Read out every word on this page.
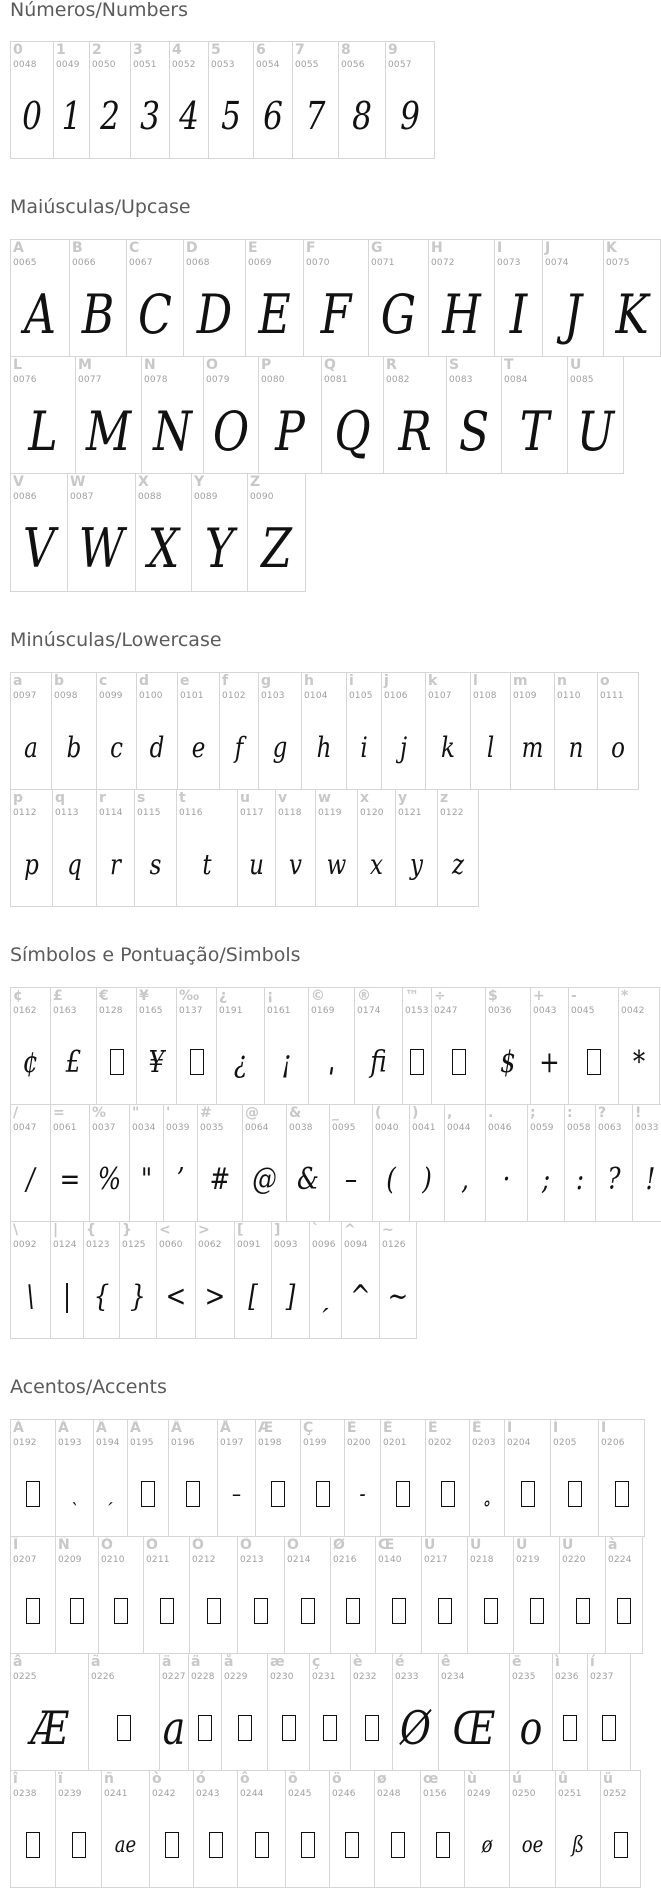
Números/Numbers
0
0048
0
1
0049
1
2
0050
2
3
0051
3
4
0052
4
5
0053
5
6
0054
6
7
0055
7
8
0056
8
9
0057
9
Maiúsculas/Upcase
A
0065
A
B
0066
B
C
0067
C
D
0068
D
E
0069
E
F
0070
F
G
0071
G
H
0072
H
I
0073
I
J
0074
J
K
0075
K
L
0076
L
M
0077
M
N
0078
N
O
0079
O
P
0080
P
Q
0081
Q
R
0082
R
S
0083
S
T
0084
T
U
0085
U
V
0086
V
W
0087
W
X
0088
X
Y
0089
Y
Z
0090
Z
Minúsculas/Lowercase
a
0097
a
b
0098
b
c
0099
c
d
0100
d
e
0101
e
f
0102
f
g
0103
g
h
0104
h
i
0105
i
j
0106
j
k
0107
k
l
0108
l
m
0109
m
n
0110
n
o
0111
o
p
0112
p
q
0113
q
r
0114
r
s
0115
s
t
0116
t
u
0117
u
v
0118
v
w
0119
w
x
0120
x
y
0121
y
z
0122
z
Símbolos e Pontuação/Simbols
¢
0162
¢
£
0163
£
€
0128
¥
0165
¥
‰
0137
¿
0191
¿
¡
0161
¡
©
0169
ˌ
®
0174
ﬁ
™
0153
÷
0247
$
0036
$
+
0043
+
-
0045
*
0042
*
/
0047
/
=
0061
=
%
0037
%
"
0034
"
'
0039
’
#
0035
#
@
0064
@
&
0038
&
_
0095
–
(
0040
(
)
0041
)
,
0044
,
.
0046
·
;
0059
;
:
0058
:
?
0063
?
!
0033
!
\
0092
\
|
0124
|
{
0123
{
}
0125
}
<
0060
<
>
0062
>
[
0091
[
]
0093
]
`
0096
ˏ
^
0094
^
~
0126
~
Acentos/Accents
À
0192
Á
0193
ˎ
Â
0194
ˏ
Ã
0195
Ä
0196
Å
0197
–
Æ
0198
Ç
0199
È
0200
-
É
0201
Ê
0202
Ë
0203
˳
Ì
0204
Í
0205
Î
0206
Ï
0207
Ñ
0209
Ò
0210
Ó
0211
Ô
0212
Õ
0213
Ö
0214
Ø
0216
Œ
0140
Ù
0217
Ú
0218
Û
0219
Ü
0220
à
0224
â
0225
Æ
ã
0226
ä
0227
a
ä
0228
å
0229
æ
0230
ç
0231
è
0232
é
0233
Ø
ê
0234
Œ
ë
0235
o
ì
0236
í
0237
î
0238
ï
0239
ñ
0241
ae
ò
0242
ó
0243
ô
0244
õ
0245
ö
0246
ø
0248
œ
0156
ù
0249
ø
ú
0250
oe
û
0251
ß
ü
0252
